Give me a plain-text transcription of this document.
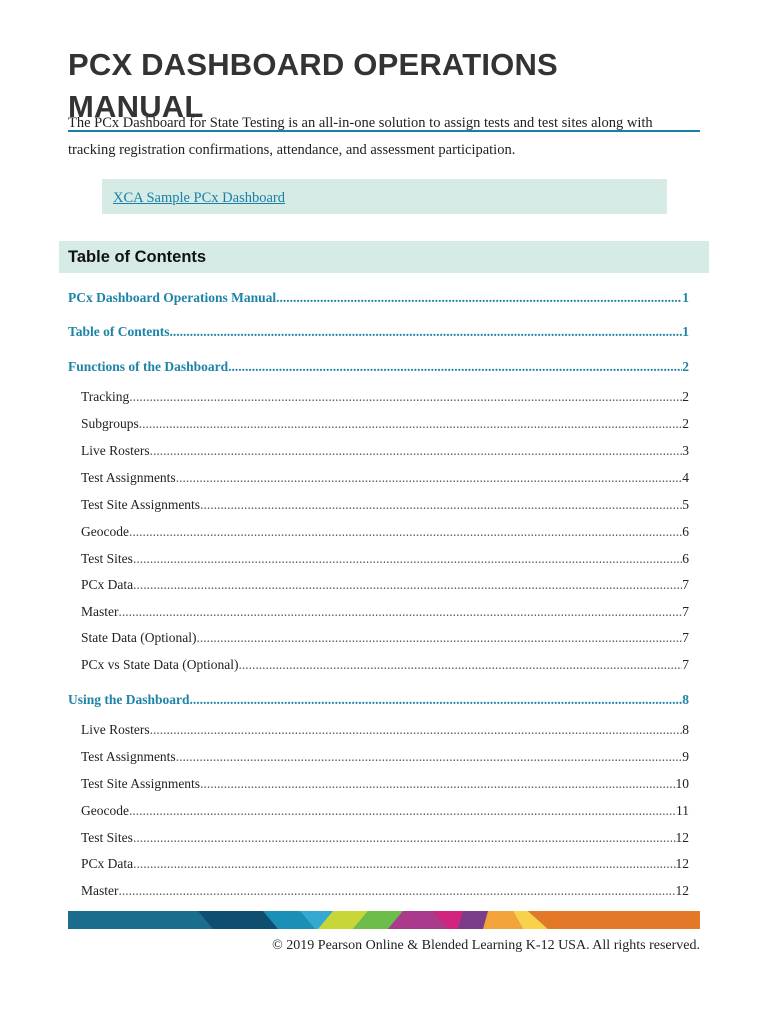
PCX DASHBOARD OPERATIONS MANUAL
The PCx Dashboard for State Testing is an all-in-one solution to assign tests and test sites along with tracking registration confirmations, attendance, and assessment participation.
XCA Sample PCx Dashboard
Table of Contents
PCx Dashboard Operations Manual .....	1
Table of Contents .....	1
Functions of the Dashboard .....	2
Tracking .....	2
Subgroups .....	2
Live Rosters .....	3
Test Assignments .....	4
Test Site Assignments .....	5
Geocode .....	6
Test Sites .....	6
PCx Data .....	7
Master .....	7
State Data (Optional) .....	7
PCx vs State Data (Optional) .....	7
Using the Dashboard .....	8
Live Rosters .....	8
Test Assignments .....	9
Test Site Assignments .....	10
Geocode .....	11
Test Sites .....	12
PCx Data .....	12
Master .....	12
© 2019 Pearson Online & Blended Learning K-12 USA. All rights reserved.
